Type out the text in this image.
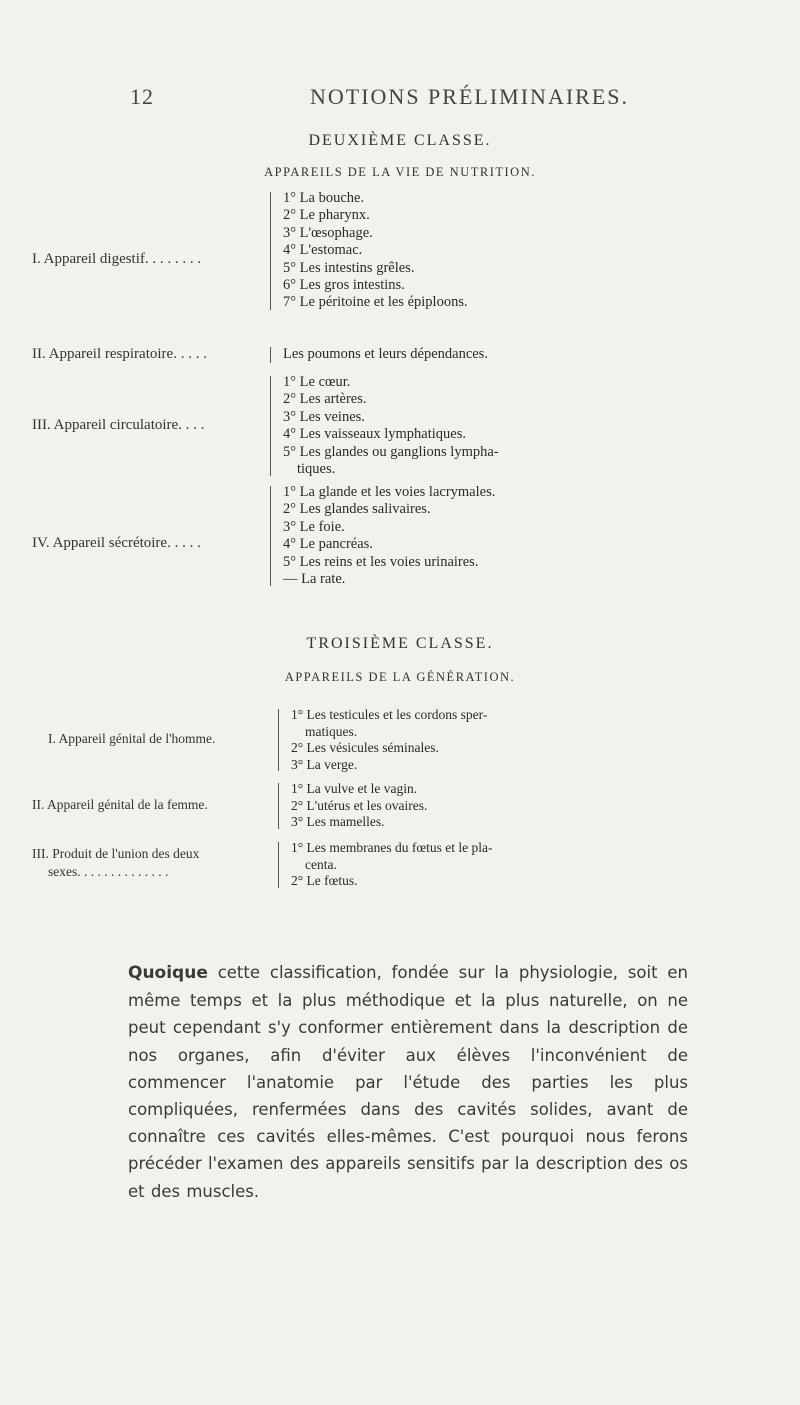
12	NOTIONS PRÉLIMINAIRES.
DEUXIÈME CLASSE.
APPAREILS DE LA VIE DE NUTRITION.
I. Appareil digestif. . . . . . . .
1° La bouche.
2° Le pharynx.
3° L'œsophage.
4° L'estomac.
5° Les intestins grêles.
6° Les gros intestins.
7° Le péritoine et les épiploons.
II. Appareil respiratoire. . . . .	Les poumons et leurs dépendances.
III. Appareil circulatoire. . . .
1° Le cœur.
2° Les artères.
3° Les veines.
4° Les vaisseaux lymphatiques.
5° Les glandes ou ganglions lympha-
tiques.
IV. Appareil sécrétoire. . . . .
1° La glande et les voies lacrymales.
2° Les glandes salivaires.
3° Le foie.
4° Le pancréas.
5° Les reins et les voies urinaires.
— La rate.
TROISIÈME CLASSE.
APPAREILS DE LA GÉNÉRATION.
I. Appareil génital de l'homme.
1° Les testicules et les cordons sper-
matiques.
2° Les vésicules séminales.
3° La verge.
II. Appareil génital de la femme.
1° La vulve et le vagin.
2° L'utérus et les ovaires.
3° Les mamelles.
III. Produit de l'union des deux
sexes. . . . . . . . . . . . . .
1° Les membranes du fœtus et le pla-
centa.
2° Le fœtus.
Quoique cette classification, fondée sur la physiologie, soit en même temps et la plus méthodique et la plus naturelle, on ne peut cependant s'y conformer entièrement dans la description de nos organes, afin d'éviter aux élèves l'inconvénient de commencer l'anatomie par l'étude des parties les plus compliquées, renfermées dans des cavités solides, avant de connaître ces cavités elles-mêmes. C'est pourquoi nous ferons précéder l'examen des appareils sensitifs par la description des os et des muscles.
